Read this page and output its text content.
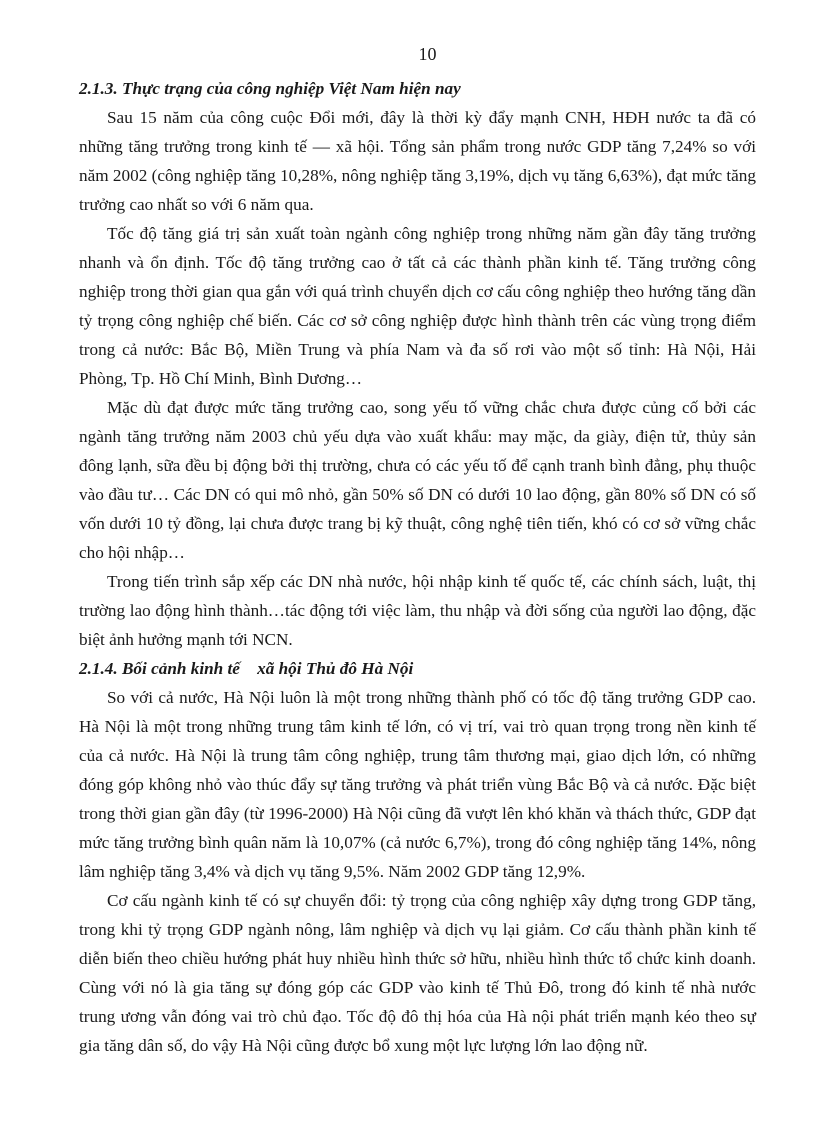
10

2.1.3. Thực trạng của công nghiệp Việt Nam hiện nay

Sau 15 năm của công cuộc Đổi mới, đây là thời kỳ đẩy mạnh CNH, HĐH nước ta đã có những tăng trưởng trong kinh tế — xã hội. Tổng sản phẩm trong nước GDP tăng 7,24% so với năm 2002 (công nghiệp tăng 10,28%, nông nghiệp tăng 3,19%, dịch vụ tăng 6,63%), đạt mức tăng trưởng cao nhất so với 6 năm qua.

Tốc độ tăng giá trị sản xuất toàn ngành công nghiệp trong những năm gần đây tăng trưởng nhanh và ổn định. Tốc độ tăng trưởng cao ở tất cả các thành phần kinh tế. Tăng trưởng công nghiệp trong thời gian qua gắn với quá trình chuyển dịch cơ cấu công nghiệp theo hướng tăng dần tỷ trọng công nghiệp chế biến. Các cơ sở công nghiệp được hình thành trên các vùng trọng điểm trong cả nước: Bắc Bộ, Miền Trung và phía Nam và đa số rơi vào một số tỉnh: Hà Nội, Hải Phòng, Tp. Hồ Chí Minh, Bình Dương…

Mặc dù đạt được mức tăng trưởng cao, song yếu tố vững chắc chưa được củng cố bởi các ngành tăng trưởng năm 2003 chủ yếu dựa vào xuất khẩu: may mặc, da giày, điện tử, thủy sản đông lạnh, sữa đều bị động bởi thị trường, chưa có các yếu tố để cạnh tranh bình đẳng, phụ thuộc vào đầu tư… Các DN có qui mô nhỏ, gần 50% số DN có dưới 10 lao động, gần 80% số DN có số vốn dưới 10 tỷ đồng, lại chưa được trang bị kỹ thuật, công nghệ tiên tiến, khó có cơ sở vững chắc cho hội nhập…

Trong tiến trình sắp xếp các DN nhà nước, hội nhập kinh tế quốc tế, các chính sách, luật, thị trường lao động hình thành…tác động tới việc làm, thu nhập và đời sống của người lao động, đặc biệt ảnh hưởng mạnh tới NCN.

2.1.4. Bối cảnh kinh tế    xã hội Thủ đô Hà Nội

So với cả nước, Hà Nội luôn là một trong những thành phố có tốc độ tăng trưởng GDP cao. Hà Nội là một trong những trung tâm kinh tế lớn, có vị trí, vai trò quan trọng trong nền kinh tế của cả nước. Hà Nội là trung tâm công nghiệp, trung tâm thương mại, giao dịch lớn, có những đóng góp không nhỏ vào thúc đẩy sự tăng trưởng và phát triển vùng Bắc Bộ và cả nước. Đặc biệt trong thời gian gần đây (từ 1996-2000) Hà Nội cũng đã vượt lên khó khăn và thách thức, GDP đạt mức tăng trưởng bình quân năm là 10,07% (cả nước 6,7%), trong đó công nghiệp tăng 14%, nông lâm nghiệp tăng 3,4% và dịch vụ tăng 9,5%. Năm 2002 GDP tăng 12,9%.

Cơ cấu ngành kinh tế có sự chuyển đổi: tỷ trọng của công nghiệp xây dựng trong GDP tăng, trong khi tỷ trọng GDP ngành nông, lâm nghiệp và dịch vụ lại giảm. Cơ cấu thành phần kinh tế diễn biến theo chiều hướng phát huy nhiều hình thức sở hữu, nhiều hình thức tổ chức kinh doanh. Cùng với nó là gia tăng sự đóng góp các GDP vào kinh tế Thủ Đô, trong đó kinh tế nhà nước trung ương vẫn đóng vai trò chủ đạo. Tốc độ đô thị hóa của Hà nội phát triển mạnh kéo theo sự gia tăng dân số, do vậy Hà Nội cũng được bổ xung một lực lượng lớn lao động nữ.
